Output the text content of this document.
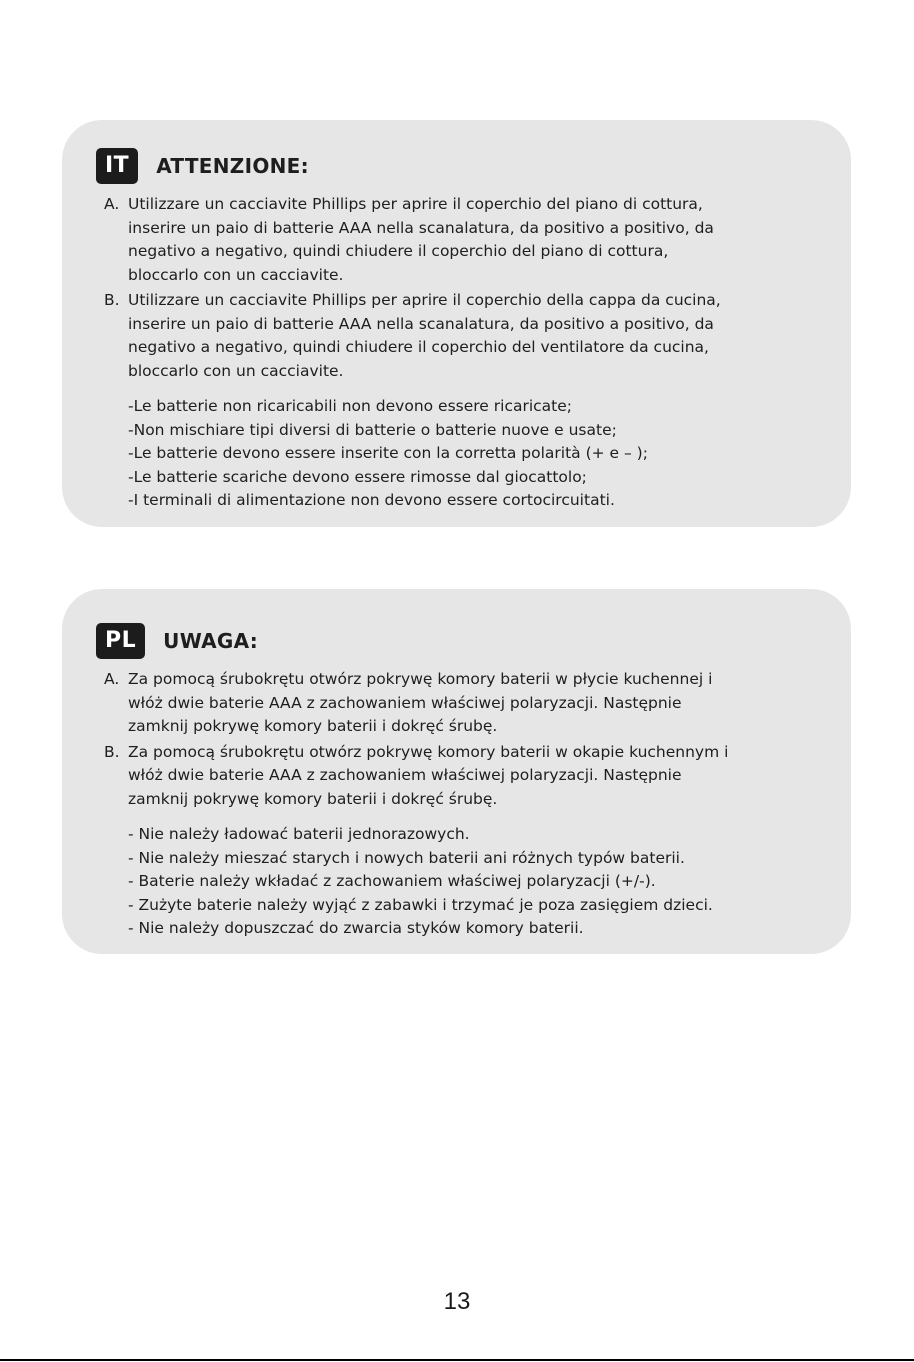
IT	ATTENZIONE:
A. Utilizzare un cacciavite Phillips per aprire il coperchio del piano di cottura,
inserire un paio di batterie AAA nella scanalatura, da positivo a positivo, da
negativo a negativo, quindi chiudere il coperchio del piano di cottura,
bloccarlo con un cacciavite.
B. Utilizzare un cacciavite Phillips per aprire il coperchio della cappa da cucina,
inserire un paio di batterie AAA nella scanalatura, da positivo a positivo, da
negativo a negativo, quindi chiudere il coperchio del ventilatore da cucina,
bloccarlo con un cacciavite.
-Le batterie non ricaricabili non devono essere ricaricate;
-Non mischiare tipi diversi di batterie o batterie nuove e usate;
-Le batterie devono essere inserite con la corretta polarità (+ e – );
-Le batterie scariche devono essere rimosse dal giocattolo;
-I terminali di alimentazione non devono essere cortocircuitati.
PL	UWAGA:
A. Za pomocą śrubokrętu otwórz pokrywę komory baterii w płycie kuchennej i
włóż dwie baterie AAA z zachowaniem właściwej polaryzacji. Następnie
zamknij pokrywę komory baterii i dokręć śrubę.
B. Za pomocą śrubokrętu otwórz pokrywę komory baterii w okapie kuchennym i
włóż dwie baterie AAA z zachowaniem właściwej polaryzacji. Następnie
zamknij pokrywę komory baterii i dokręć śrubę.
- Nie należy ładować baterii jednorazowych.
- Nie należy mieszać starych i nowych baterii ani różnych typów baterii.
- Baterie należy wkładać z zachowaniem właściwej polaryzacji (+/-).
- Zużyte baterie należy wyjąć z zabawki i trzymać je poza zasięgiem dzieci.
- Nie należy dopuszczać do zwarcia styków komory baterii.
13
